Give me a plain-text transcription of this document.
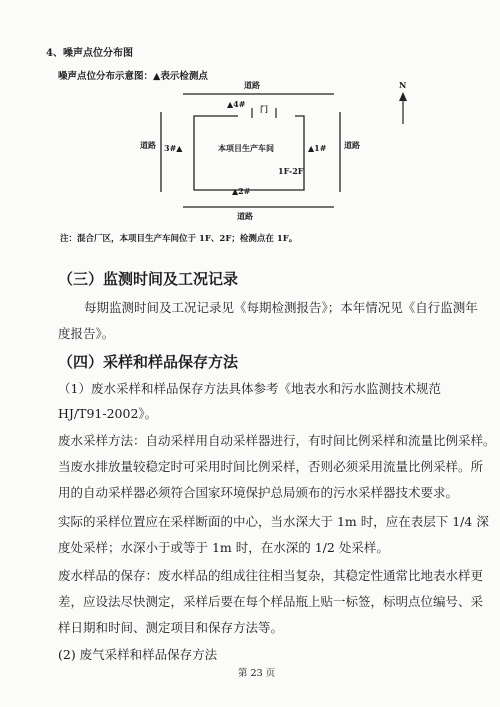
4、噪声点位分布图
噪声点位分布示意图：▲表示检测点
道路
▲4# 门
道路 3#▲	本项目生产车间	▲1# 道路
1F-2F
▲2#
道路
N
注：混合厂区，本项目生产车间位于 1F、2F；检测点在 1F。
（三）监测时间及工况记录
每期监测时间及工况记录见《每期检测报告》；本年情况见《自行监测年
度报告》。
（四）采样和样品保存方法
（1）废水采样和样品保存方法具体参考《地表水和污水监测技术规范
HJ/T91-2002》。
废水采样方法：自动采样用自动采样器进行，有时间比例采样和流量比例采样。
当废水排放量较稳定时可采用时间比例采样，否则必须采用流量比例采样。所
用的自动采样器必须符合国家环境保护总局颁布的污水采样器技术要求。
实际的采样位置应在采样断面的中心，当水深大于 1m 时，应在表层下 1/4 深
度处采样；水深小于或等于 1m 时，在水深的 1/2 处采样。
废水样品的保存：废水样品的组成往往相当复杂，其稳定性通常比地表水样更
差，应设法尽快测定，采样后要在每个样品瓶上贴一标签，标明点位编号、采
样日期和时间、测定项目和保存方法等。
(2) 废气采样和样品保存方法
第 23 页
